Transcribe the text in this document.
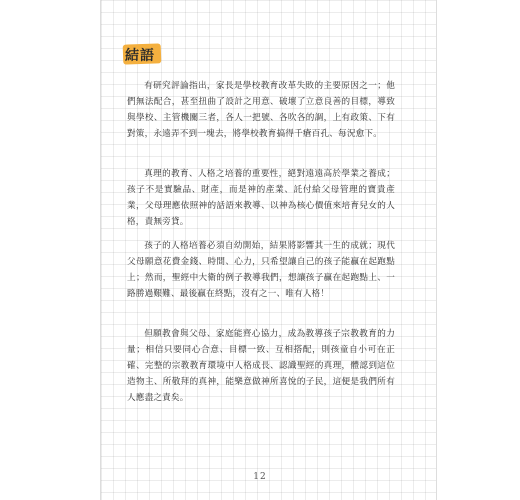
結語

有研究評論指出，家長是學校教育改革失敗的主要原因之一；他們無法配合，甚至扭曲了設計之用意、破壞了立意良善的目標，導致與學校、主管機關三者，各人一把號、各吹各的調，上有政策、下有對策，永遠弄不到一塊去，將學校教育搞得千瘡百孔、每況愈下。

真理的教育、人格之培養的重要性，絕對遠遠高於學業之養成；孩子不是實驗品、財產，而是神的產業、託付給父母管理的寶貴產業，父母理應依照神的話語來教導、以神為核心價值來培育兒女的人格，責無旁貸。

孩子的人格培養必須自幼開始，結果將影響其一生的成就；現代父母願意花費金錢、時間、心力，只希望讓自己的孩子能贏在起跑點上；然而，聖經中大衛的例子教導我們，想讓孩子贏在起跑點上、一路勝過艱難、最後贏在終點，沒有之一、唯有人格！

但願教會與父母、家庭能齊心協力，成為教導孩子宗教教育的力量；相信只要同心合意、目標一致、互相搭配，則孩童自小可在正確、完整的宗教教育環境中人格成長、認識聖經的真理，體認到這位造物主、所敬拜的真神，能樂意做神所喜悅的子民，這便是我們所有人應盡之責矣。

12
